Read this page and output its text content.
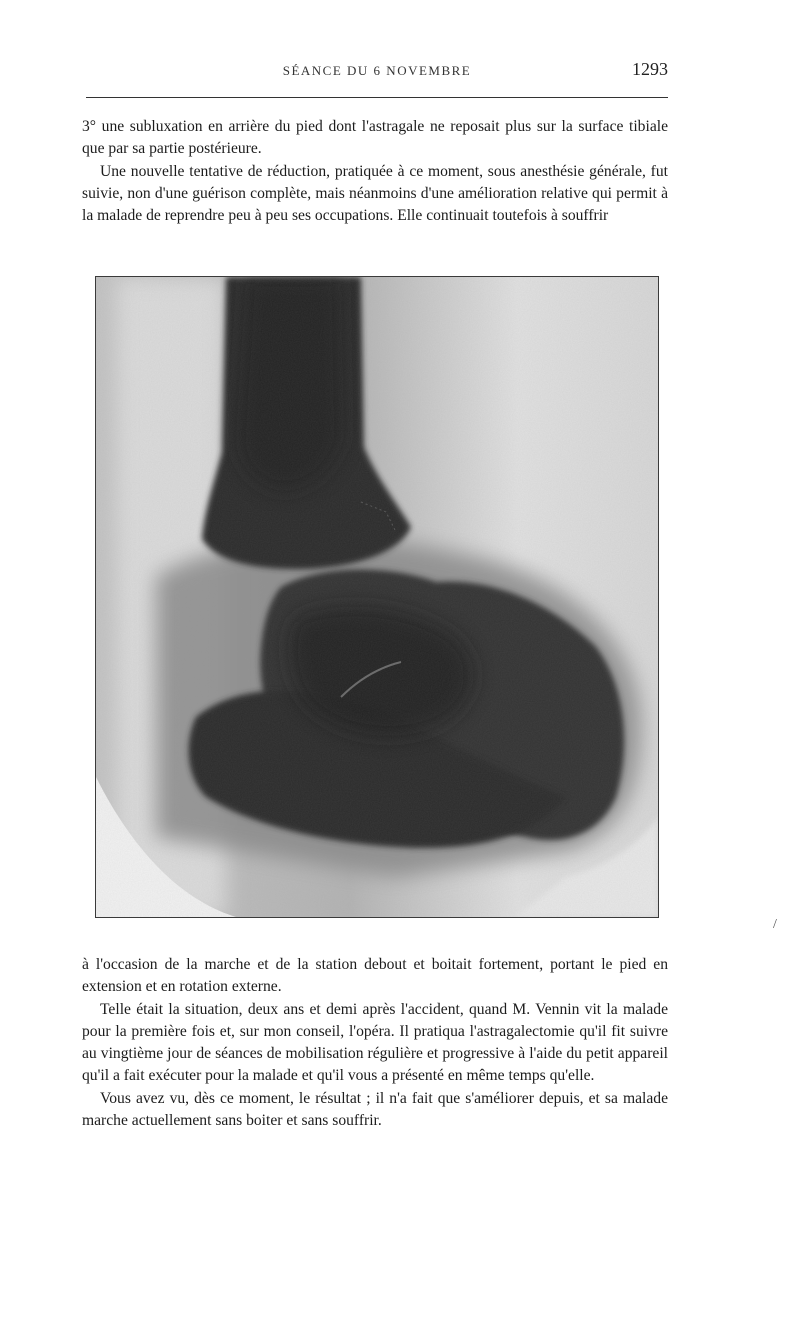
SÉANCE DU 6 NOVEMBRE	1293

3° une subluxation en arrière du pied dont l'astragale ne reposait plus sur la surface tibiale que par sa partie postérieure.

Une nouvelle tentative de réduction, pratiquée à ce moment, sous anesthésie générale, fut suivie, non d'une guérison complète, mais néanmoins d'une amélioration relative qui permit à la malade de reprendre peu à peu ses occupations. Elle continuait toutefois à souffrir

à l'occasion de la marche et de la station debout et boitait fortement, portant le pied en extension et en rotation externe.

Telle était la situation, deux ans et demi après l'accident, quand M. Vennin vit la malade pour la première fois et, sur mon conseil, l'opéra. Il pratiqua l'astragalectomie qu'il fit suivre au vingtième jour de séances de mobilisation régulière et progressive à l'aide du petit appareil qu'il a fait exécuter pour la malade et qu'il vous a présenté en même temps qu'elle.

Vous avez vu, dès ce moment, le résultat ; il n'a fait que s'améliorer depuis, et sa malade marche actuellement sans boiter et sans souffrir.

/
